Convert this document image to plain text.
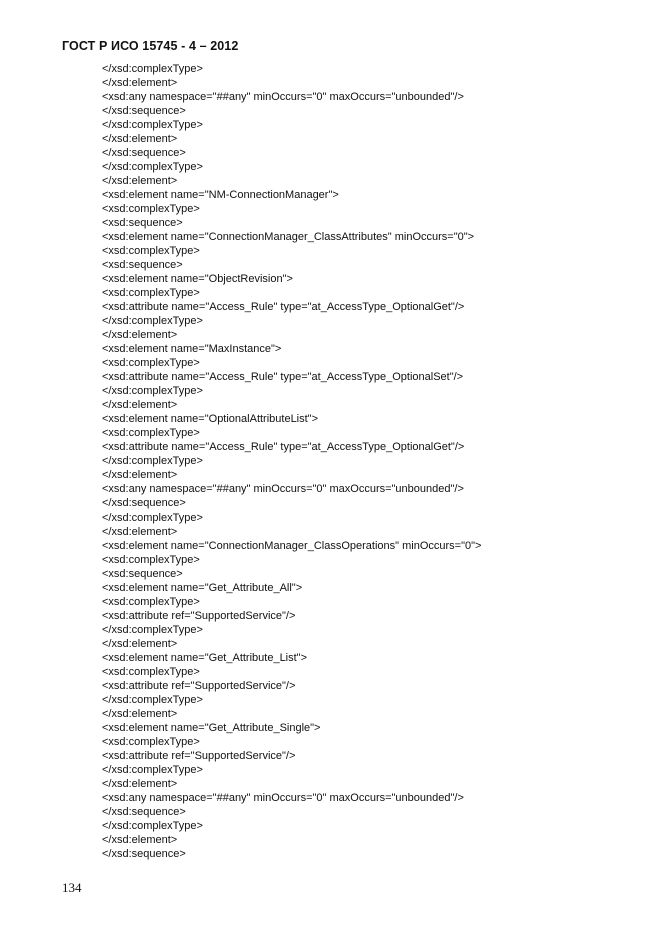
ГОСТ Р ИСО 15745 - 4 – 2012
</xsd:complexType>
</xsd:element>
<xsd:any namespace="##any" minOccurs="0" maxOccurs="unbounded"/>
</xsd:sequence>
</xsd:complexType>
</xsd:element>
</xsd:sequence>
</xsd:complexType>
</xsd:element>
<xsd:element name="NM-ConnectionManager">
<xsd:complexType>
<xsd:sequence>
<xsd:element name="ConnectionManager_ClassAttributes" minOccurs="0">
<xsd:complexType>
<xsd:sequence>
<xsd:element name="ObjectRevision">
<xsd:complexType>
<xsd:attribute name="Access_Rule" type="at_AccessType_OptionalGet"/>
</xsd:complexType>
</xsd:element>
<xsd:element name="MaxInstance">
<xsd:complexType>
<xsd:attribute name="Access_Rule" type="at_AccessType_OptionalSet"/>
</xsd:complexType>
</xsd:element>
<xsd:element name="OptionalAttributeList">
<xsd:complexType>
<xsd:attribute name="Access_Rule" type="at_AccessType_OptionalGet"/>
</xsd:complexType>
</xsd:element>
<xsd:any namespace="##any" minOccurs="0" maxOccurs="unbounded"/>
</xsd:sequence>
</xsd:complexType>
</xsd:element>
<xsd:element name="ConnectionManager_ClassOperations" minOccurs="0">
<xsd:complexType>
<xsd:sequence>
<xsd:element name="Get_Attribute_All">
<xsd:complexType>
<xsd:attribute ref="SupportedService"/>
</xsd:complexType>
</xsd:element>
<xsd:element name="Get_Attribute_List">
<xsd:complexType>
<xsd:attribute ref="SupportedService"/>
</xsd:complexType>
</xsd:element>
<xsd:element name="Get_Attribute_Single">
<xsd:complexType>
<xsd:attribute ref="SupportedService"/>
</xsd:complexType>
</xsd:element>
<xsd:any namespace="##any" minOccurs="0" maxOccurs="unbounded"/>
</xsd:sequence>
</xsd:complexType>
</xsd:element>
</xsd:sequence>
134
